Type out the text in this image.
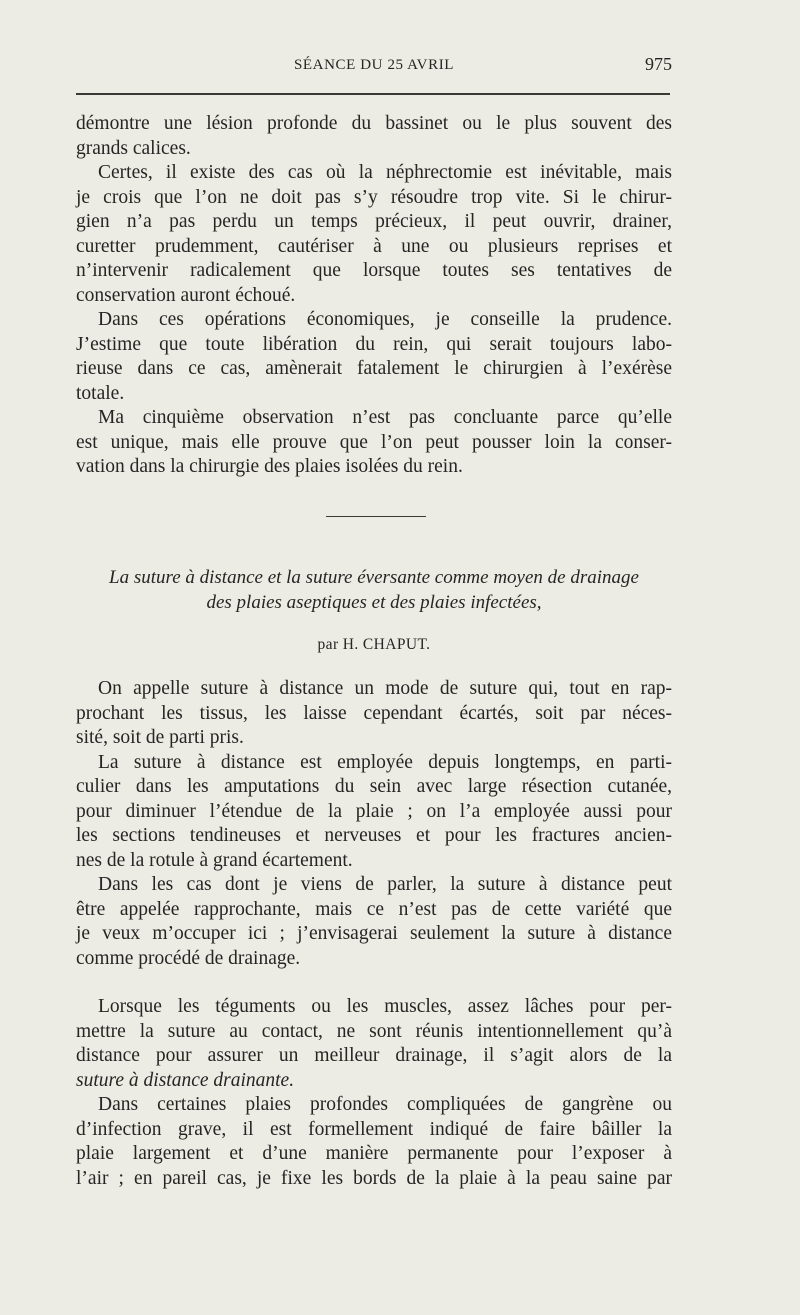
SÉANCE DU 25 AVRIL	975

démontre une lésion profonde du bassinet ou le plus souvent des
grands calices.

Certes, il existe des cas où la néphrectomie est inévitable, mais
je crois que l’on ne doit pas s’y résoudre trop vite. Si le chirur-
gien n’a pas perdu un temps précieux, il peut ouvrir, drainer,
curetter prudemment, cautériser à une ou plusieurs reprises et
n’intervenir radicalement que lorsque toutes ses tentatives de
conservation auront échoué.

Dans ces opérations économiques, je conseille la prudence.
J’estime que toute libération du rein, qui serait toujours labo-
rieuse dans ce cas, amènerait fatalement le chirurgien à l’exérèse
totale.

Ma cinquième observation n’est pas concluante parce qu’elle
est unique, mais elle prouve que l’on peut pousser loin la conser-
vation dans la chirurgie des plaies isolées du rein.

La suture à distance et la suture éversante comme moyen de drainage
des plaies aseptiques et des plaies infectées,
par H. CHAPUT.

On appelle suture à distance un mode de suture qui, tout en rap-
prochant les tissus, les laisse cependant écartés, soit par néces-
sité, soit de parti pris.

La suture à distance est employée depuis longtemps, en parti-
culier dans les amputations du sein avec large résection cutanée,
pour diminuer l’étendue de la plaie ; on l’a employée aussi pour
les sections tendineuses et nerveuses et pour les fractures ancien-
nes de la rotule à grand écartement.

Dans les cas dont je viens de parler, la suture à distance peut
être appelée rapprochante, mais ce n’est pas de cette variété que
je veux m’occuper ici ; j’envisagerai seulement la suture à distance
comme procédé de drainage.

Lorsque les téguments ou les muscles, assez lâches pour per-
mettre la suture au contact, ne sont réunis intentionnellement qu’à
distance pour assurer un meilleur drainage, il s’agit alors de la
suture à distance drainante.

Dans certaines plaies profondes compliquées de gangrène ou
d’infection grave, il est formellement indiqué de faire bâiller la
plaie largement et d’une manière permanente pour l’exposer à
l’air ; en pareil cas, je fixe les bords de la plaie à la peau saine par
